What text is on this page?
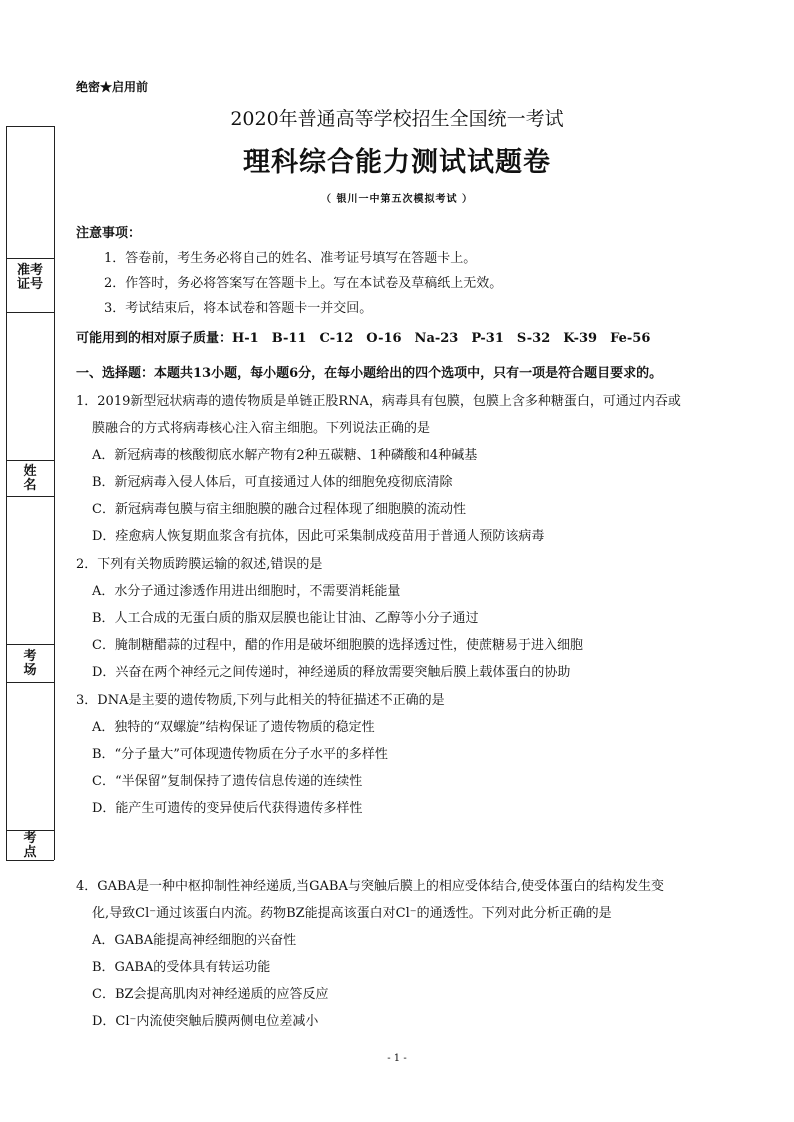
绝密★启用前
2020年普通高等学校招生全国统一考试
理科综合能力测试试题卷
（ 银川一中第五次模拟考试 ）
准考
证号
姓
名
考
场
考
点
注意事项：
1．答卷前，考生务必将自己的姓名、准考证号填写在答题卡上。
2．作答时，务必将答案写在答题卡上。写在本试卷及草稿纸上无效。
3．考试结束后，将本试卷和答题卡一并交回。
可能用到的相对原子质量：H-1　B-11　C-12　O-16　Na-23　P-31　S-32　K-39　Fe-56
一、选择题：本题共13小题，每小题6分，在每小题给出的四个选项中，只有一项是符合题目要求的。
1．2019新型冠状病毒的遗传物质是单链正股RNA，病毒具有包膜，包膜上含多种糖蛋白，可通过内吞或
膜融合的方式将病毒核心注入宿主细胞。下列说法正确的是
A．新冠病毒的核酸彻底水解产物有2种五碳糖、1种磷酸和4种碱基
B．新冠病毒入侵人体后，可直接通过人体的细胞免疫彻底清除
C．新冠病毒包膜与宿主细胞膜的融合过程体现了细胞膜的流动性
D．痊愈病人恢复期血浆含有抗体，因此可采集制成疫苗用于普通人预防该病毒
2．下列有关物质跨膜运输的叙述,错误的是
A．水分子通过渗透作用进出细胞时，不需要消耗能量
B．人工合成的无蛋白质的脂双层膜也能让甘油、乙醇等小分子通过
C．腌制糖醋蒜的过程中，醋的作用是破坏细胞膜的选择透过性，使蔗糖易于进入细胞
D．兴奋在两个神经元之间传递时，神经递质的释放需要突触后膜上载体蛋白的协助
3．DNA是主要的遗传物质,下列与此相关的特征描述不正确的是
A．独特的“双螺旋”结构保证了遗传物质的稳定性
B．“分子量大”可体现遗传物质在分子水平的多样性
C．“半保留”复制保持了遗传信息传递的连续性
D．能产生可遗传的变异使后代获得遗传多样性
4．GABA是一种中枢抑制性神经递质,当GABA与突触后膜上的相应受体结合,使受体蛋白的结构发生变
化,导致Cl⁻通过该蛋白内流。药物BZ能提高该蛋白对Cl⁻的通透性。下列对此分析正确的是
A．GABA能提高神经细胞的兴奋性
B．GABA的受体具有转运功能
C．BZ会提高肌肉对神经递质的应答反应
D．Cl⁻内流使突触后膜两侧电位差减小
- 1 -
